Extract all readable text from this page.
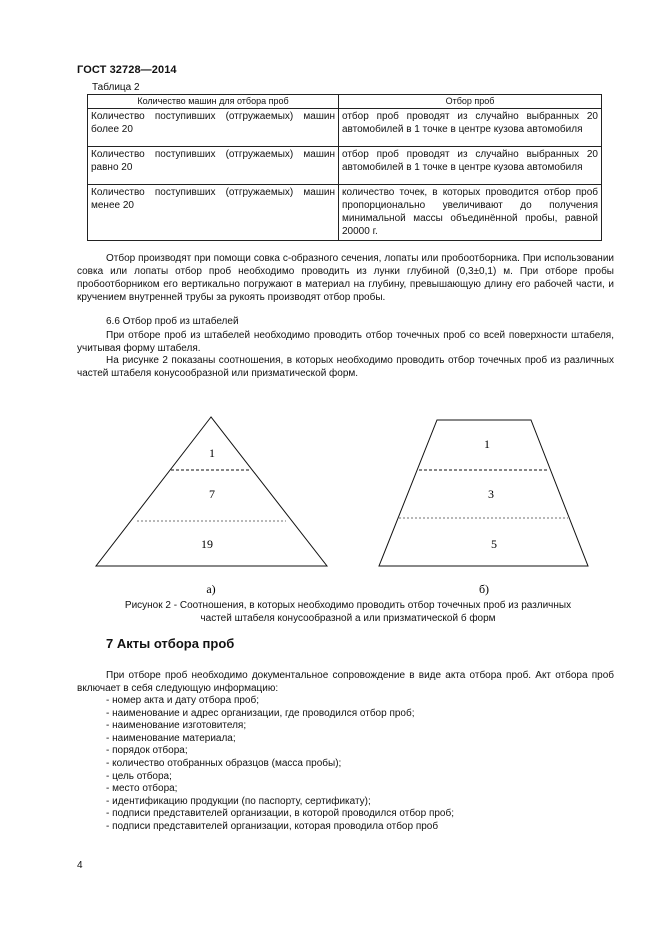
ГОСТ 32728—2014
Таблица 2
Количество машин для отбора проб	Отбор проб
Количество поступивших (отгружаемых) машин более 20	отбор проб проводят из случайно выбранных 20 автомобилей в 1 точке в центре кузова автомобиля
Количество поступивших (отгружаемых) машин равно 20	отбор проб проводят из случайно выбранных 20 автомобилей в 1 точке в центре кузова автомобиля
Количество поступивших (отгружаемых) машин менее 20	количество точек, в которых проводится отбор проб пропорционально увеличивают до получения минимальной массы объединённой пробы, равной 20000 г.
Отбор производят при помощи совка с-образного сечения, лопаты или пробоотборника. При использовании совка или лопаты отбор проб необходимо проводить из лунки глубиной (0,3±0,1) м. При отборе пробы пробоотборником его вертикально погружают в материал на глубину, превышающую длину его рабочей части, и кручением внутренней трубы за рукоять производят отбор пробы.
6.6 Отбор проб из штабелей
При отборе проб из штабелей необходимо проводить отбор точечных проб со всей поверхности штабеля, учитывая форму штабеля.
На рисунке 2 показаны соотношения, в которых необходимо проводить отбор точечных проб из различных частей штабеля конусообразной или призматической форм.
1
7
19
а)
1
3
5
б)
Рисунок 2 - Соотношения, в которых необходимо проводить отбор точечных проб из различных
частей штабеля конусообразной а или призматической б форм
7 Акты отбора проб
При отборе проб необходимо документальное сопровождение в виде акта отбора проб. Акт отбора проб включает в себя следующую информацию:
- номер акта и дату отбора проб;
- наименование и адрес организации, где проводился отбор проб;
- наименование изготовителя;
- наименование материала;
- порядок отбора;
- количество отобранных образцов (масса пробы);
- цель отбора;
- место отбора;
- идентификацию продукции (по паспорту, сертификату);
- подписи представителей организации, в которой проводился отбор проб;
- подписи представителей организации, которая проводила отбор проб
4
